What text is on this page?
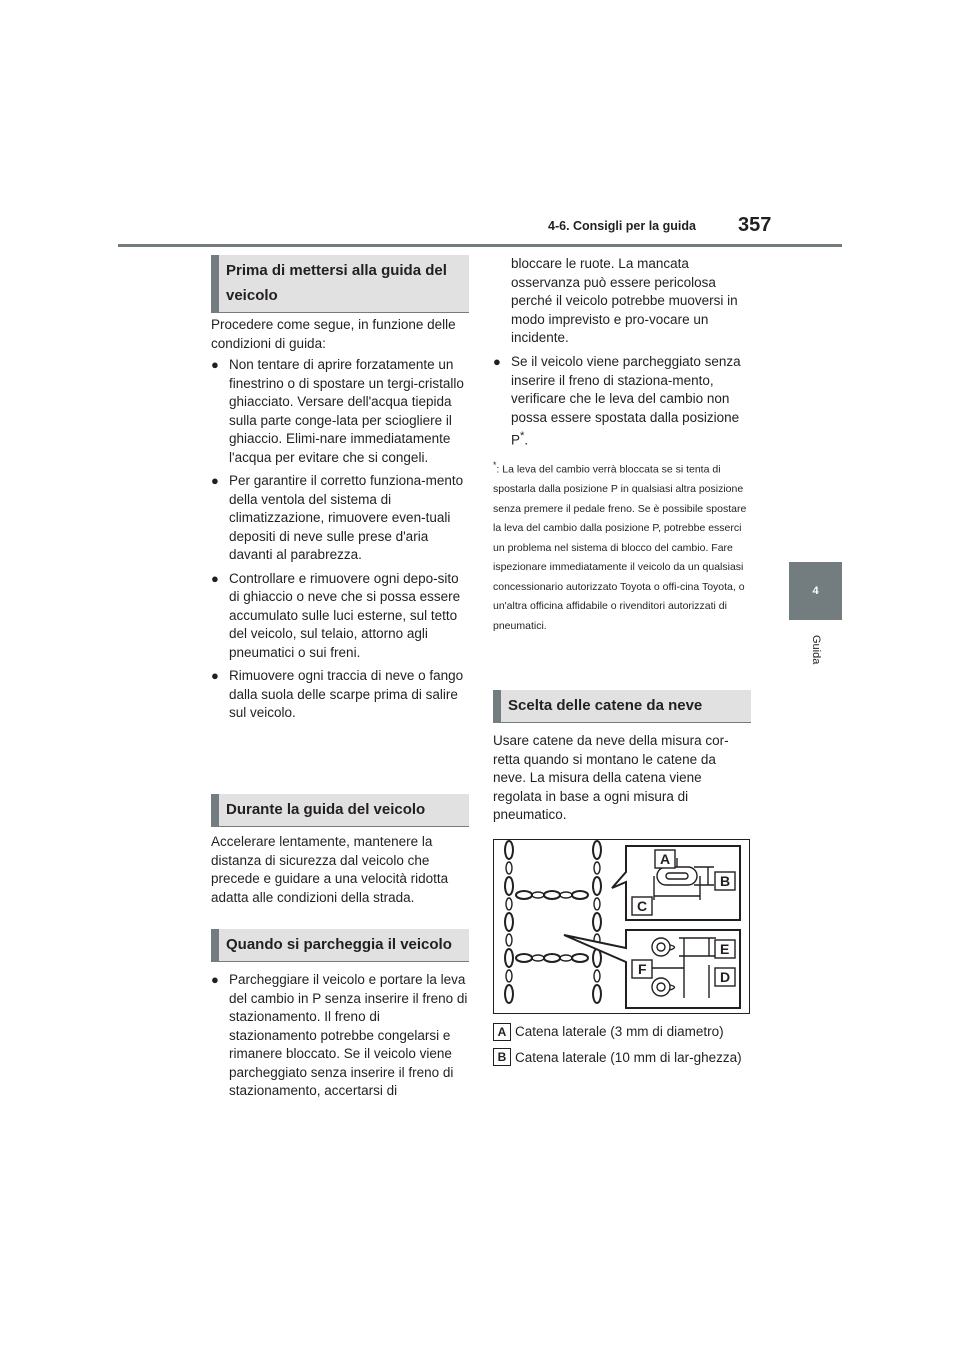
4-6. Consigli per la guida 357
4
Guida
Prima di mettersi alla guida del veicolo
Procedere come segue, in funzione delle condizioni di guida:
● Non tentare di aprire forzatamente un finestrino o di spostare un tergi-cristallo ghiacciato. Versare dell'acqua tiepida sulla parte conge-lata per sciogliere il ghiaccio. Elimi-nare immediatamente l'acqua per evitare che si congeli.
● Per garantire il corretto funziona-mento della ventola del sistema di climatizzazione, rimuovere even-tuali depositi di neve sulle prese d'aria davanti al parabrezza.
● Controllare e rimuovere ogni depo-sito di ghiaccio o neve che si possa essere accumulato sulle luci esterne, sul tetto del veicolo, sul telaio, attorno agli pneumatici o sui freni.
● Rimuovere ogni traccia di neve o fango dalla suola delle scarpe prima di salire sul veicolo.
Durante la guida del veicolo
Accelerare lentamente, mantenere la distanza di sicurezza dal veicolo che precede e guidare a una velocità ridotta adatta alle condizioni della strada.
Quando si parcheggia il veicolo
● Parcheggiare il veicolo e portare la leva del cambio in P senza inserire il freno di stazionamento. Il freno di stazionamento potrebbe congelarsi e rimanere bloccato. Se il veicolo viene parcheggiato senza inserire il freno di stazionamento, accertarsi di
bloccare le ruote. La mancata osservanza può essere pericolosa perché il veicolo potrebbe muoversi in modo imprevisto e pro-vocare un incidente.
● Se il veicolo viene parcheggiato senza inserire il freno di staziona-mento, verificare che le leva del cambio non possa essere spostata dalla posizione P*.
*: La leva del cambio verrà bloccata se si tenta di spostarla dalla posizione P in qualsiasi altra posizione senza premere il pedale freno. Se è possibile spostare la leva del cambio dalla posizione P, potrebbe esserci un problema nel sistema di blocco del cambio. Fare ispezionare immediatamente il veicolo da un qualsiasi concessionario autorizzato Toyota o offi-cina Toyota, o un'altra officina affidabile o rivenditori autorizzati di pneumatici.
Scelta delle catene da neve
Usare catene da neve della misura cor-retta quando si montano le catene da neve. La misura della catena viene regolata in base a ogni misura di pneumatico.
A
B
C
D
E
F
A Catena laterale (3 mm di diametro)
B Catena laterale (10 mm di lar-ghezza)
